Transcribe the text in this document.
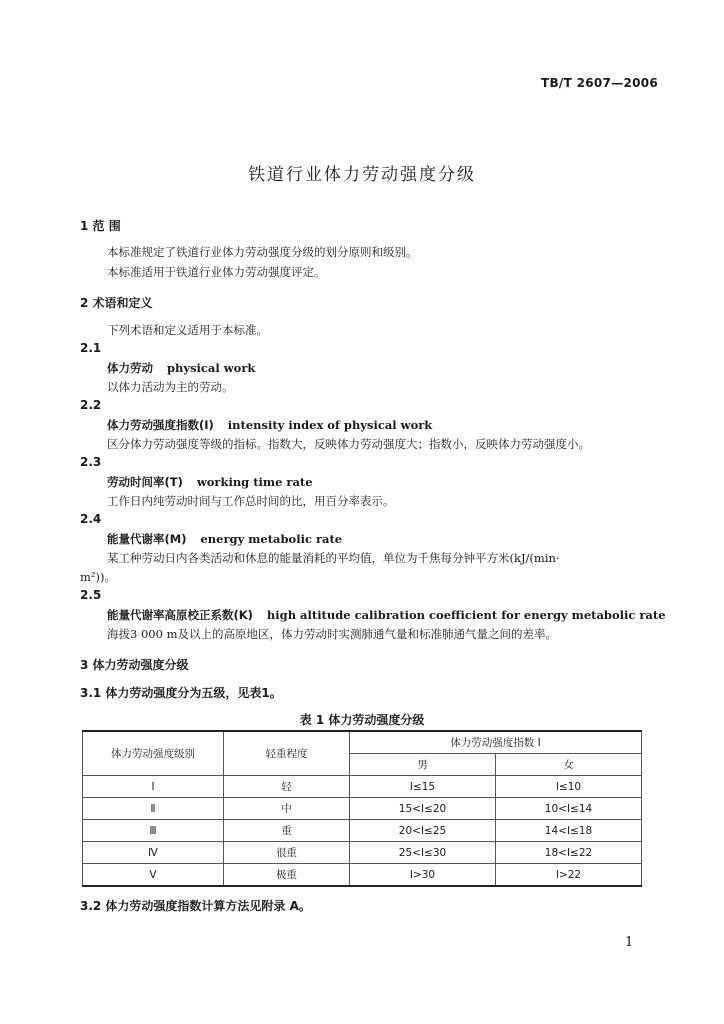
TB/T 2607—2006
铁道行业体力劳动强度分级
1 范 围
本标准规定了铁道行业体力劳动强度分级的划分原则和级别。
本标准适用于铁道行业体力劳动强度评定。
2 术语和定义
下列术语和定义适用于本标准。
2.1
体力劳动 physical work
以体力活动为主的劳动。
2.2
体力劳动强度指数(I) intensity index of physical work
区分体力劳动强度等级的指标。指数大，反映体力劳动强度大；指数小，反映体力劳动强度小。
2.3
劳动时间率(T) working time rate
工作日内纯劳动时间与工作总时间的比，用百分率表示。
2.4
能量代谢率(M) energy metabolic rate
某工种劳动日内各类活动和休息的能量消耗的平均值，单位为千焦每分钟平方米(kJ/(min·
m²))。
2.5
能量代谢率高原校正系数(K) high altitude calibration coefficient for energy metabolic rate
海拔3 000 m及以上的高原地区，体力劳动时实测肺通气量和标准肺通气量之间的差率。
3 体力劳动强度分级
3.1 体力劳动强度分为五级，见表1。
表 1 体力劳动强度分级
体力劳动强度级别	轻重程度	体力劳动强度指数 I	
		男	女
Ⅰ	轻	I≤15	I≤10
Ⅱ	中	15<I≤20	10<I≤14
Ⅲ	重	20<I≤25	14<I≤18
Ⅳ	很重	25<I≤30	18<I≤22
Ⅴ	极重	I>30	I>22
3.2 体力劳动强度指数计算方法见附录 A。
1
